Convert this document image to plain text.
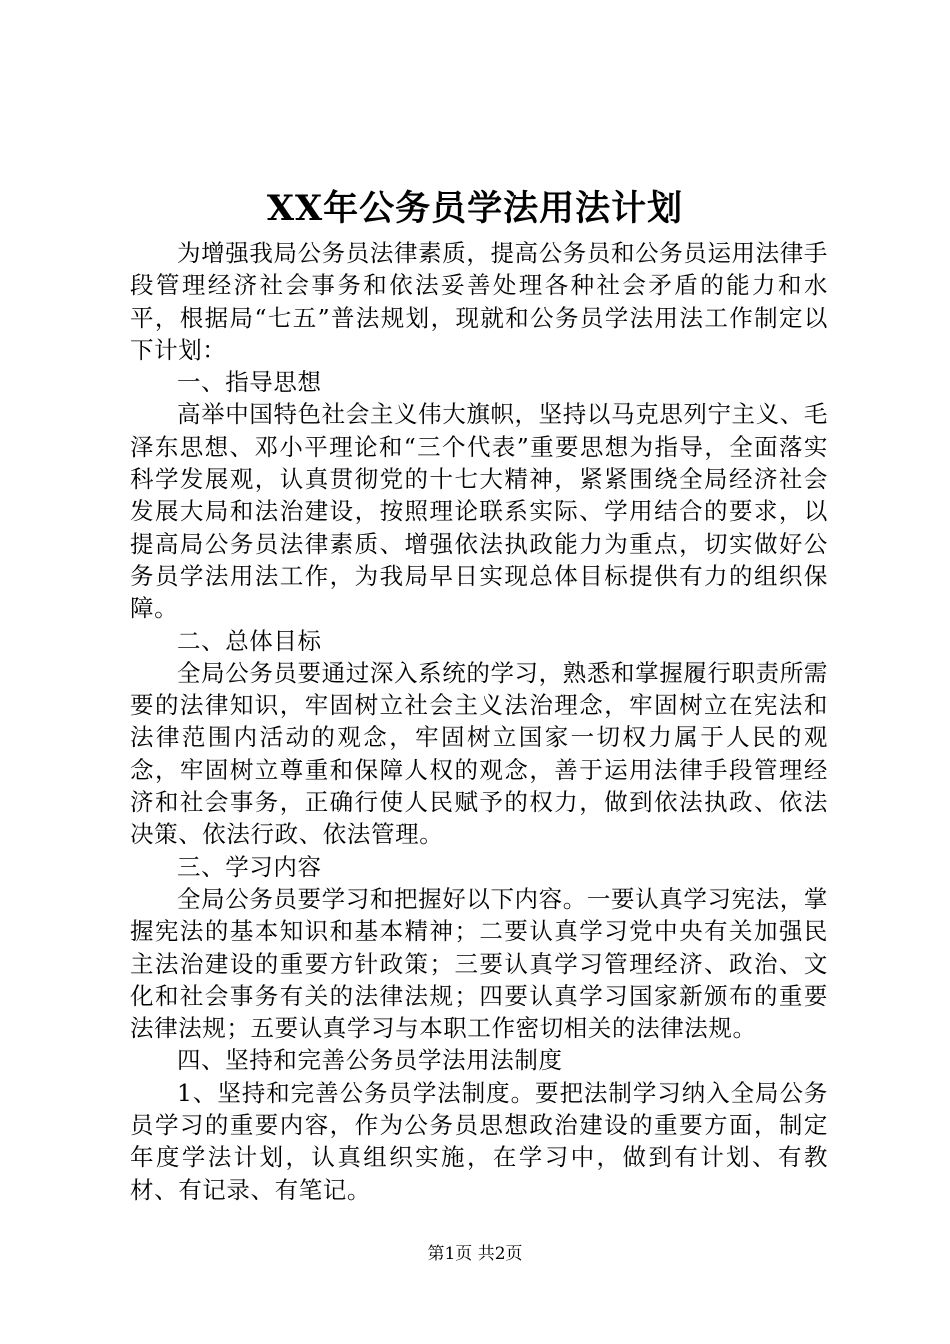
XX年公务员学法用法计划

为增强我局公务员法律素质，提高公务员和公务员运用法律手段管理经济社会事务和依法妥善处理各种社会矛盾的能力和水平，根据局“七五”普法规划，现就和公务员学法用法工作制定以下计划：

一、指导思想

高举中国特色社会主义伟大旗帜，坚持以马克思列宁主义、毛泽东思想、邓小平理论和“三个代表”重要思想为指导，全面落实科学发展观，认真贯彻党的十七大精神，紧紧围绕全局经济社会发展大局和法治建设，按照理论联系实际、学用结合的要求，以提高局公务员法律素质、增强依法执政能力为重点，切实做好公务员学法用法工作，为我局早日实现总体目标提供有力的组织保障。

二、总体目标

全局公务员要通过深入系统的学习，熟悉和掌握履行职责所需要的法律知识，牢固树立社会主义法治理念，牢固树立在宪法和法律范围内活动的观念，牢固树立国家一切权力属于人民的观念，牢固树立尊重和保障人权的观念，善于运用法律手段管理经济和社会事务，正确行使人民赋予的权力，做到依法执政、依法决策、依法行政、依法管理。

三、学习内容

全局公务员要学习和把握好以下内容。一要认真学习宪法，掌握宪法的基本知识和基本精神；二要认真学习党中央有关加强民主法治建设的重要方针政策；三要认真学习管理经济、政治、文化和社会事务有关的法律法规；四要认真学习国家新颁布的重要法律法规；五要认真学习与本职工作密切相关的法律法规。

四、坚持和完善公务员学法用法制度

1、坚持和完善公务员学法制度。要把法制学习纳入全局公务员学习的重要内容，作为公务员思想政治建设的重要方面，制定年度学法计划，认真组织实施，在学习中，做到有计划、有教材、有记录、有笔记。

第1页 共2页
